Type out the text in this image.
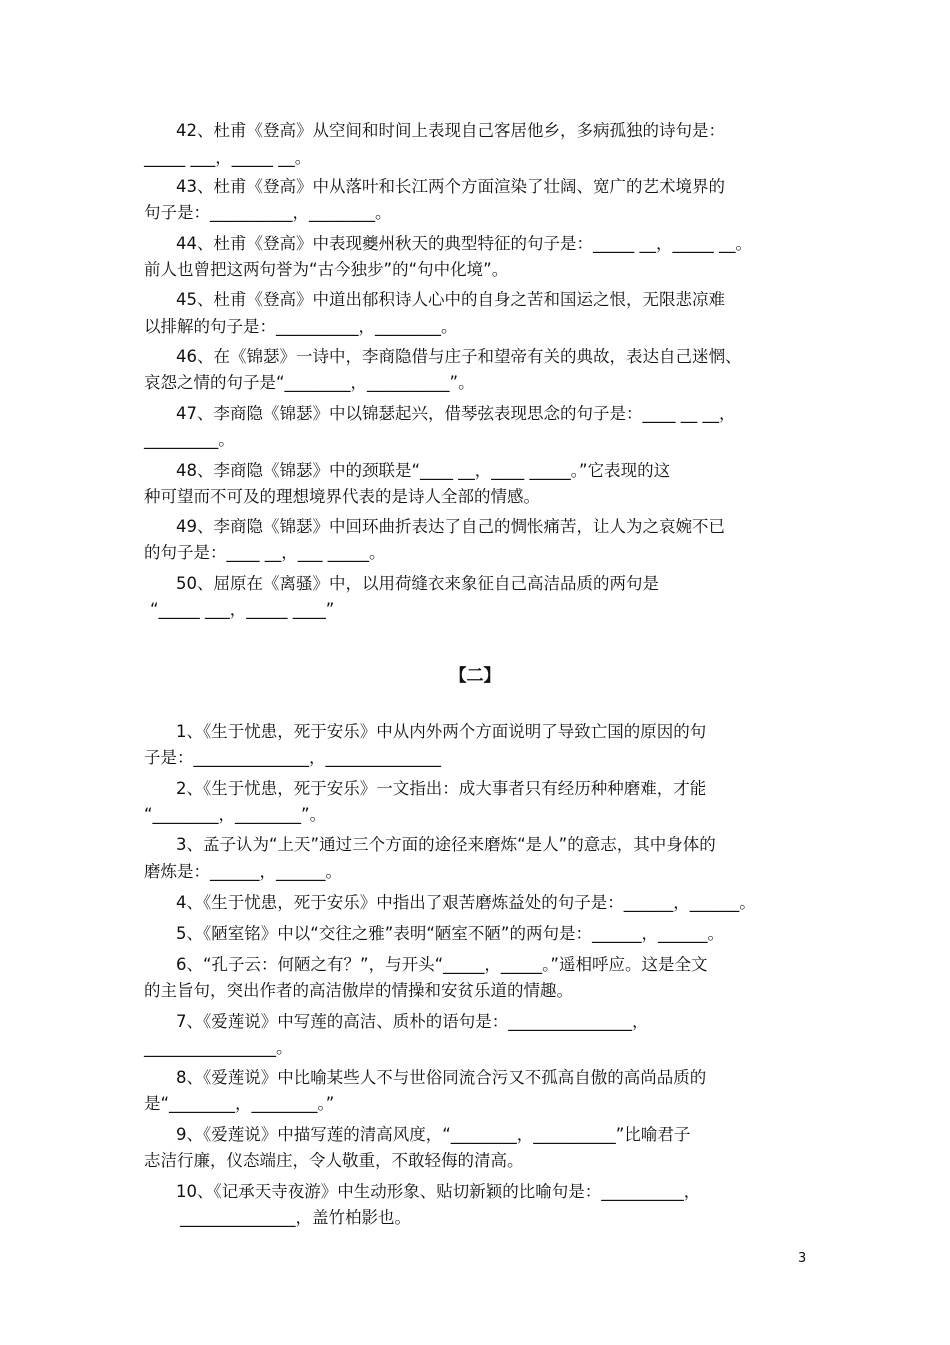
42、杜甫《登高》从空间和时间上表现自己客居他乡，多病孤独的诗句是：
_____ ___，_____ __。
43、杜甫《登高》中从落叶和长江两个方面渲染了壮阔、宽广的艺术境界的
句子是：__________，________。
44、杜甫《登高》中表现夔州秋天的典型特征的句子是：_____ __，_____ __。
前人也曾把这两句誉为“古今独步”的“句中化境”。
45、杜甫《登高》中道出郁积诗人心中的自身之苦和国运之恨，无限悲凉难
以排解的句子是：__________，________。
46、在《锦瑟》一诗中，李商隐借与庄子和望帝有关的典故，表达自己迷惘、
哀怨之情的句子是“________，__________”。
47、李商隐《锦瑟》中以锦瑟起兴，借琴弦表现思念的句子是：____ __ __，
_________。
48、李商隐《锦瑟》中的颈联是“____ __，____ _____。”它表现的这
种可望而不可及的理想境界代表的是诗人全部的情感。
49、李商隐《锦瑟》中回环曲折表达了自己的惆怅痛苦，让人为之哀婉不已
的句子是：____ __，___ _____。
50、屈原在《离骚》中，以用荷缝衣来象征自己高洁品质的两句是
“_____ ___，_____ ____”
【二】
1、《生于忧患，死于安乐》中从内外两个方面说明了导致亡国的原因的句
子是：______________，______________
2、《生于忧患，死于安乐》一文指出：成大事者只有经历种种磨难，才能
“________，________”。
3、孟子认为“上天”通过三个方面的途径来磨炼“是人”的意志，其中身体的
磨炼是：______，______。
4、《生于忧患，死于安乐》中指出了艰苦磨炼益处的句子是：______，______。
5、《陋室铭》中以“交往之雅”表明“陋室不陋”的两句是：______，______。
6、“孔子云：何陋之有？”，与开头“_____，_____。”遥相呼应。这是全文
的主旨句，突出作者的高洁傲岸的情操和安贫乐道的情趣。
7、《爱莲说》中写莲的高洁、质朴的语句是：_______________，
________________。
8、《爱莲说》中比喻某些人不与世俗同流合污又不孤高自傲的高尚品质的
是“________，________。”
9、《爱莲说》中描写莲的清高风度，“________，__________”比喻君子
志洁行廉，仪态端庄，令人敬重，不敢轻侮的清高。
10、《记承天寺夜游》中生动形象、贴切新颖的比喻句是：__________，
______________，盖竹柏影也。
3
